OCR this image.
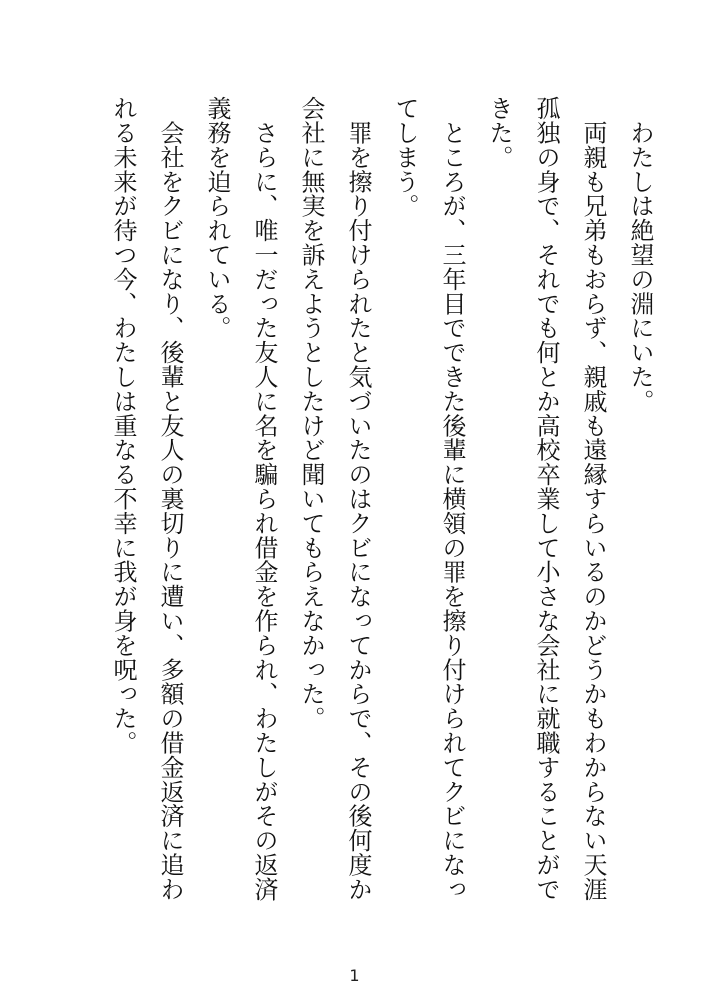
　わたしは絶望の淵にいた。
　両親も兄弟もおらず、親戚も遠縁すらいるのかどうかもわからない天涯
孤独の身で、それでも何とか高校卒業して小さな会社に就職することがで
きた。
　ところが、三年目でできた後輩に横領の罪を擦り付けられてクビになっ
てしまう。
　罪を擦り付けられたと気づいたのはクビになってからで、その後何度か
会社に無実を訴えようとしたけど聞いてもらえなかった。
　さらに、唯一だった友人に名を騙られ借金を作られ、わたしがその返済
義務を迫られている。
　会社をクビになり、後輩と友人の裏切りに遭い、多額の借金返済に追わ
れる未来が待つ今、わたしは重なる不幸に我が身を呪った。
1
